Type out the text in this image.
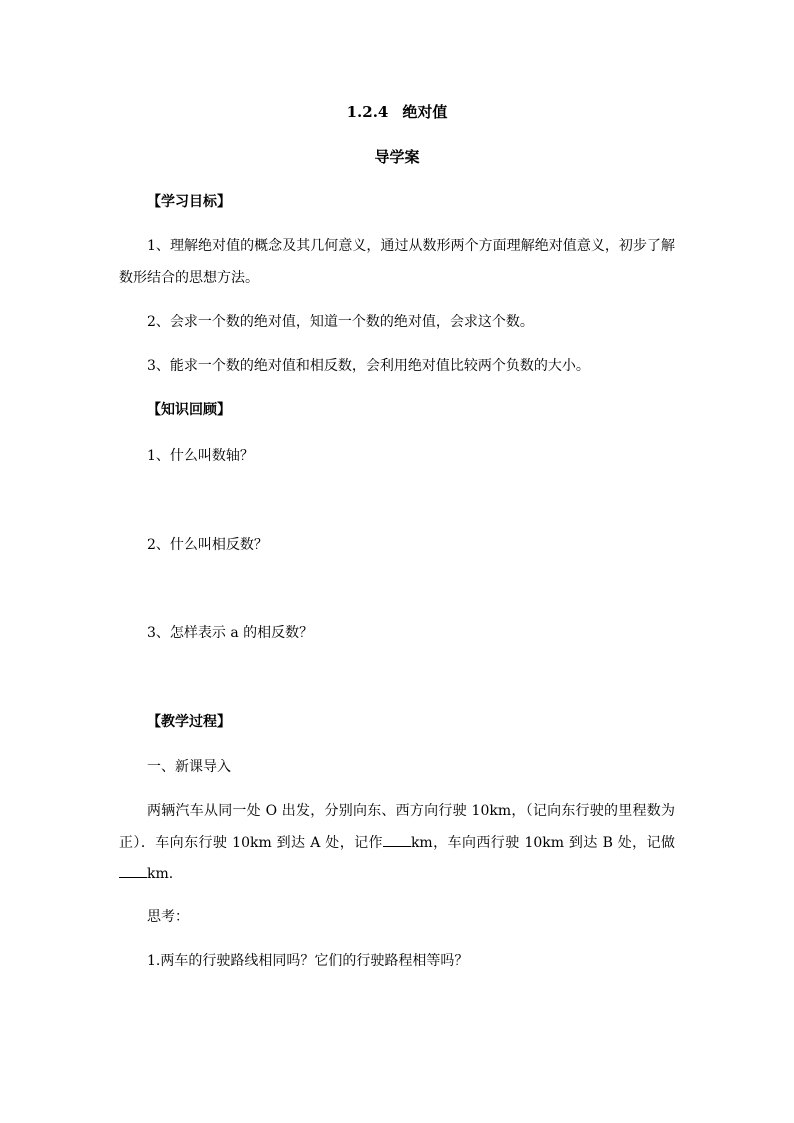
1.2.4 绝对值
导学案
【学习目标】
1、理解绝对值的概念及其几何意义，通过从数形两个方面理解绝对值意义，初步了解
数形结合的思想方法。
2、会求一个数的绝对值，知道一个数的绝对值，会求这个数。
3、能求一个数的绝对值和相反数，会利用绝对值比较两个负数的大小。
【知识回顾】
1、什么叫数轴？
2、什么叫相反数？
3、怎样表示 a 的相反数？
【教学过程】
一、新课导入
两辆汽车从同一处 O 出发，分别向东、西方向行驶 10km，（记向东行驶的里程数为
正）．车向东行驶 10km 到达 A 处，记作 km，车向西行驶 10km 到达 B 处，记做
km.
思考：
1.两车的行驶路线相同吗？它们的行驶路程相等吗？
